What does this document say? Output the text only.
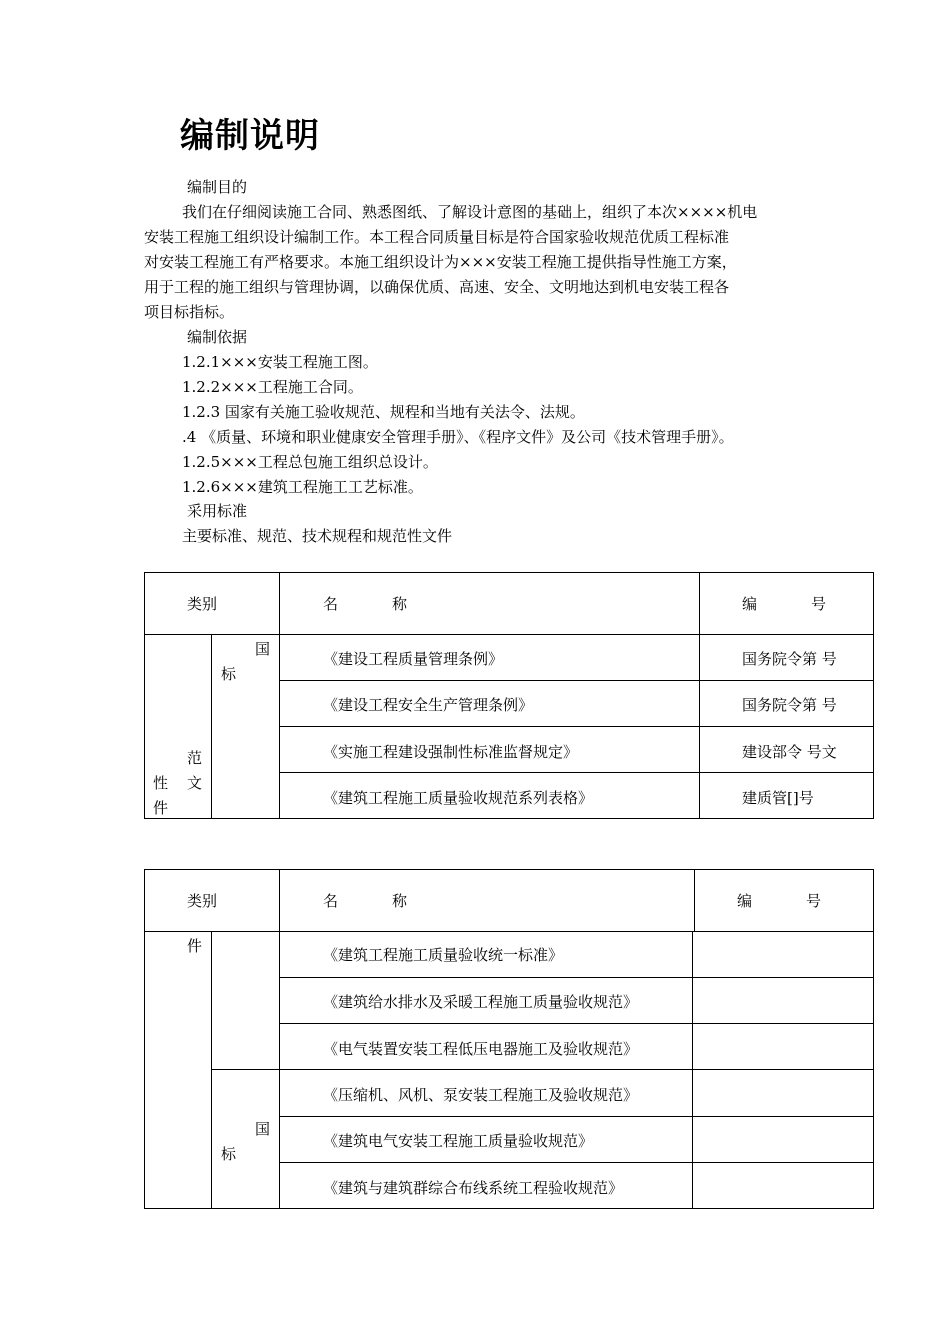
编制说明
编制目的
我们在仔细阅读施工合同、熟悉图纸、了解设计意图的基础上，组织了本次××××机电
安装工程施工组织设计编制工作。本工程合同质量目标是符合国家验收规范优质工程标准
对安装工程施工有严格要求。本施工组织设计为×××安装工程施工提供指导性施工方案，
用于工程的施工组织与管理协调，以确保优质、高速、安全、文明地达到机电安装工程各
项目标指标。
编制依据
1.2.1×××安装工程施工图。
1.2.2×××工程施工合同。
1.2.3 国家有关施工验收规范、规程和当地有关法令、法规。
.4 《质量、环境和职业健康安全管理手册》、《程序文件》及公司《技术管理手册》。
1.2.5×××工程总包施工组织总设计。
1.2.6×××建筑工程施工工艺标准。
采用标准
主要标准、规范、技术规程和规范性文件
类别	名	称	编	号
国
标
范
性 文
件
《建设工程质量管理条例》	国务院令第 号
《建设工程安全生产管理条例》	国务院令第 号
《实施工程建设强制性标准监督规定》	建设部令 号文
《建筑工程施工质量验收规范系列表格》	建质管[]号
类别	名	称	编	号
件
国
标
《建筑工程施工质量验收统一标准》
《建筑给水排水及采暖工程施工质量验收规范》
《电气装置安装工程低压电器施工及验收规范》
《压缩机、风机、泵安装工程施工及验收规范》
《建筑电气安装工程施工质量验收规范》
《建筑与建筑群综合布线系统工程验收规范》
